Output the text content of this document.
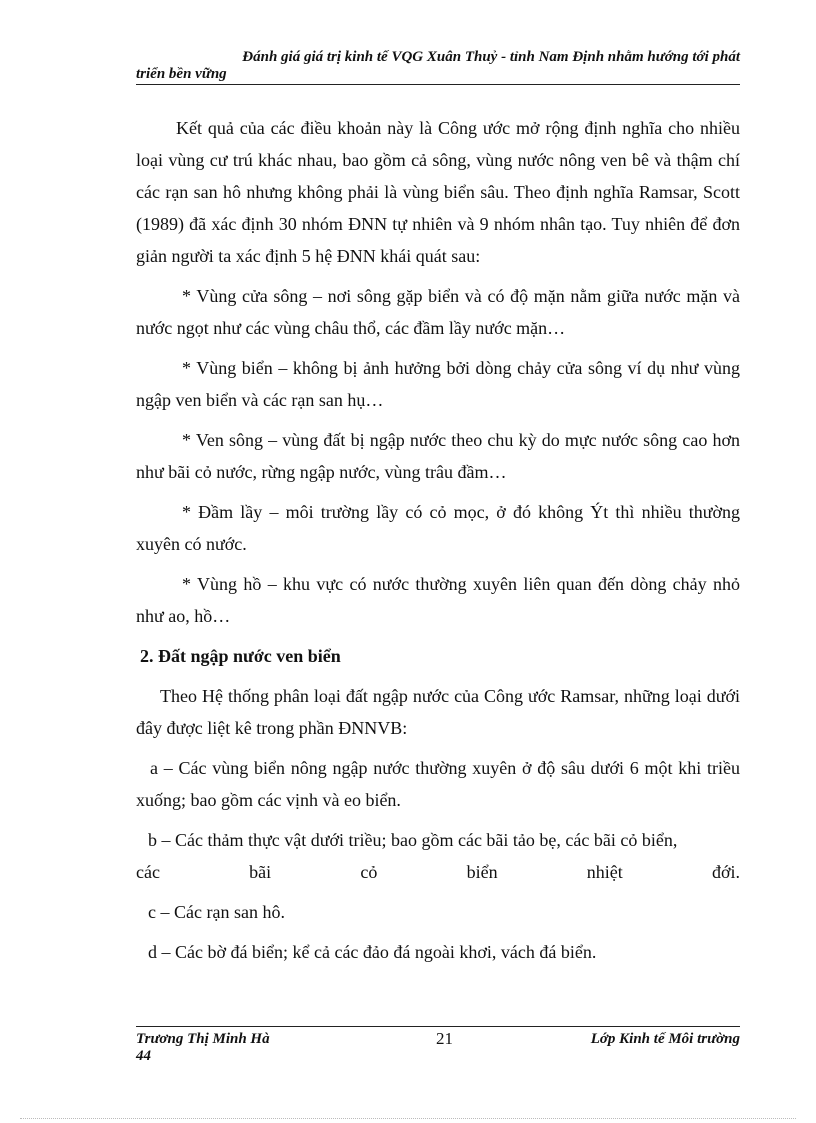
Đánh giá giá trị kinh tế VQG Xuân Thuỷ - tỉnh Nam Định nhằm hướng tới phát
triển bền vững

Kết quả của các điều khoản này là Công ước mở rộng định nghĩa cho nhiều loại vùng cư trú khác nhau, bao gồm cả sông, vùng nước nông ven bê và thậm chí các rạn san hô nhưng không phải là vùng biển sâu. Theo định nghĩa Ramsar, Scott (1989) đã xác định 30 nhóm ĐNN tự nhiên và 9 nhóm nhân tạo. Tuy nhiên để đơn giản người ta xác định 5 hệ ĐNN khái quát sau:

* Vùng cửa sông – nơi sông gặp biển và có độ mặn nằm giữa nước mặn và nước ngọt như các vùng châu thổ, các đầm lầy nước mặn…

* Vùng biển – không bị ảnh hưởng bởi dòng chảy cửa sông ví dụ như vùng ngập ven biển và các rạn san hụ…

* Ven sông – vùng đất bị ngập nước theo chu kỳ do mực nước sông cao hơn như bãi cỏ nước, rừng ngập nước, vùng trâu đầm…

* Đầm lầy – môi trường lầy có cỏ mọc, ở đó không Ýt thì nhiều thường xuyên có nước.

* Vùng hồ – khu vực có nước thường xuyên liên quan đến dòng chảy nhỏ như ao, hồ…

2. Đất ngập nước ven biển

Theo Hệ thống phân loại đất ngập nước của Công ước Ramsar, những loại dưới đây được liệt kê trong phần ĐNNVB:

a – Các vùng biển nông ngập nước thường xuyên ở độ sâu dưới 6 một khi triều xuống; bao gồm các vịnh và eo biển.

b – Các thảm thực vật dưới triều; bao gồm các bãi tảo bẹ, các bãi cỏ biển,
các bãi cỏ biển nhiệt đới.

c – Các rạn san hô.

d – Các bờ đá biển; kể cả các đảo đá ngoài khơi, vách đá biển.

Trương Thị Minh Hà
44
21	Lớp Kinh tế Môi trường
